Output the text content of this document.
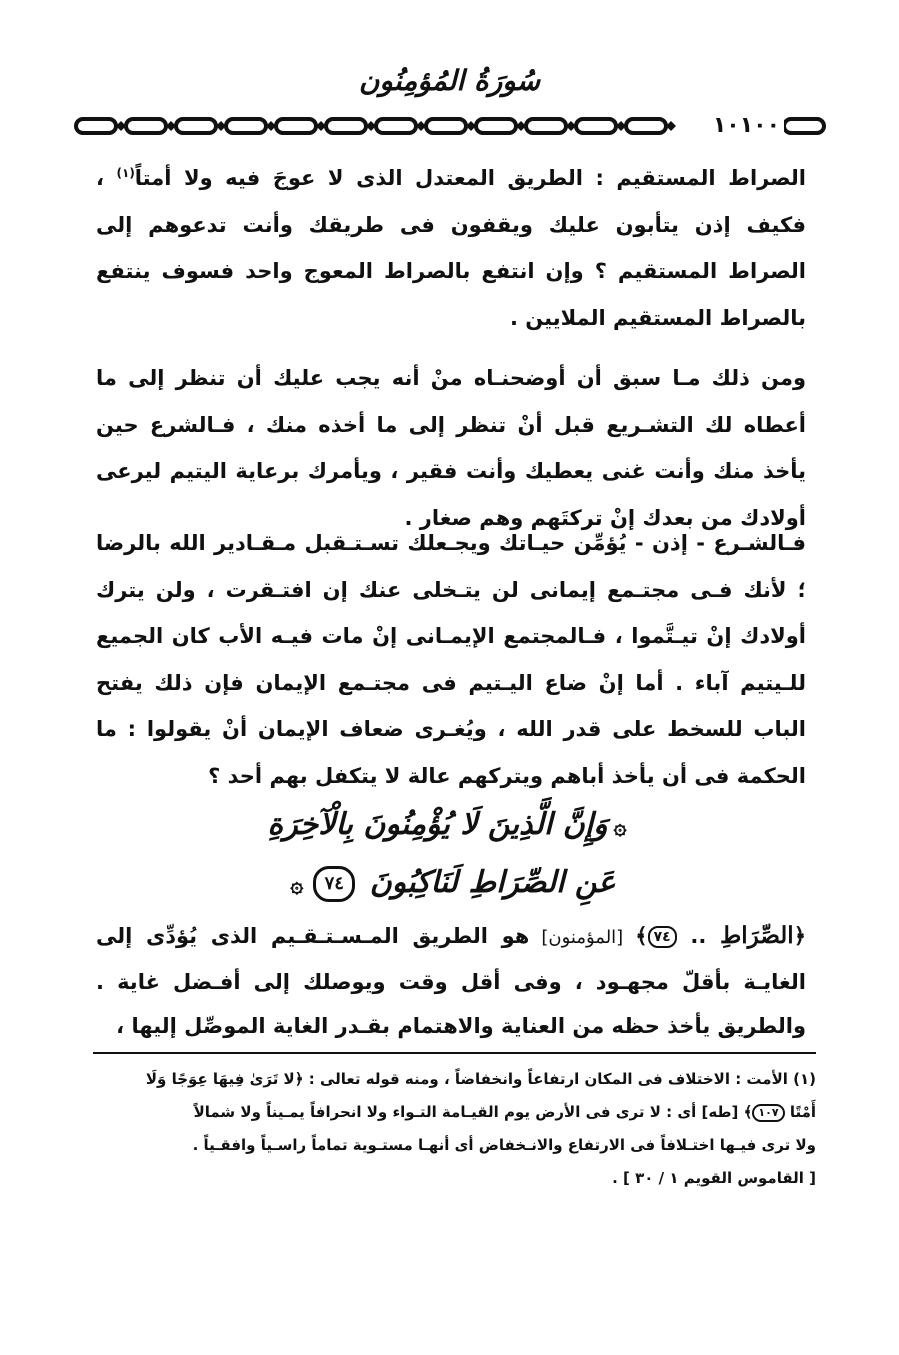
سُورَةُ المُؤمِنُون
١٠١٠٠

الصراط المستقيم : الطريق المعتدل الذى لا عوجَ فيه ولا أمتاً$^{(١)}$ ، فكيف إذن يتأبون عليك ويقفون فى طريقك وأنت تدعوهم إلى الصراط المستقيم ؟ وإن انتفع بالصراط المعوج واحد فسوف ينتفع بالصراط المستقيم الملايين .

ومن ذلك مـا سبق أن أوضحنـاه منْ أنه يجب عليك أن تنظر إلى ما أعطاه لك التشـريع قبل أنْ تنظر إلى ما أخذه منك ، فـالشرع حين يأخذ منك وأنت غنى يعطيك وأنت فقير ، ويأمرك برعاية اليتيم ليرعى أولادك من بعدك إنْ تركتَهم وهم صغار .

فـالشـرع - إذن - يُؤمِّن حيـاتك ويجـعلك تسـتـقبل مـقـادير الله بالرضا ؛ لأنك فـى مجتـمع إيمانى لن يتـخلى عنك إن افتـقرت ، ولن يترك أولادك إنْ تيـتَّموا ، فـالمجتمع الإيمـانى إنْ مات فيـه الأب كان الجميع للـيتيم آباء . أما إنْ ضاع اليـتيم فى مجتـمع الإيمان فإن ذلك يفتح الباب للسخط على قدر الله ، ويُغـرى ضعاف الإيمان أنْ يقولوا : ما الحكمة فى أن يأخذ أباهم ويتركهم عالة لا يتكفل بهم أحد ؟

۞وَإِنَّ الَّذِينَ لَا يُؤْمِنُونَ بِالْآخِرَةِ
عَنِ الصِّرَاطِ لَنَاكِبُونَ ٧٤۞

﴿الصِّرَاطِ .. ٧٤﴾ [المؤمنون] هو الطريق المـسـتـقـيم الذى يُؤدِّى إلى الغايـة بأقلّ مجهـود ، وفى أقل وقت ويوصلك إلى أفـضل غاية . والطريق يأخذ حظه من العناية والاهتمام بقـدر الغاية الموصِّل إليها ،

(١) الأمت : الاختلاف فى المكان ارتفاعاً وانخفاضاً ، ومنه قوله تعالى : ﴿لا تَرَىٰ فِيهَا عِوَجًا وَلَا

أَمْتًا ١٠٧﴾ [طه] أى : لا ترى فى الأرض يوم القيـامة التـواء ولا انحرافاً يمـيناً ولا شمالاً

ولا ترى فيـها اختـلافاً فى الارتفاع والانـخفاض أى أنهـا مستـوية تماماً راسـياً وافقـياً .

[ القاموس القويم ١ / ٣٠ ] .
